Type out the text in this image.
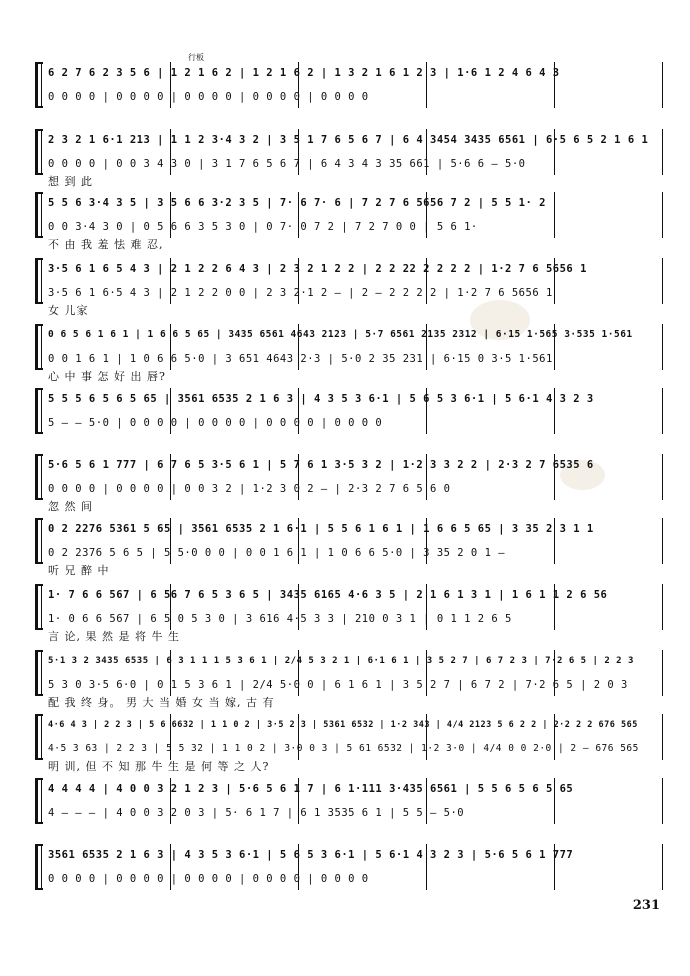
行板
6 2 7 6 2 3 5 6 | 1 2 1 6 2 | 1 2 1 6 2 | 1 3 2 1 6 1 2 3 | 1·6 1 2 4 6 4 3
0 0 0 0 | 0 0 0 0 | 0 0 0 0 | 0 0 0 0 | 0 0 0 0
2 3 2 1 6·1 213 | 1 1 2 3·4 3 2 | 3 5 1 7 6 5 6 7 | 6 4 3454 3435 6561 | 6·5 6 5 2 1 6 1
0 0 0 0 | 0 0 3 4 3 0 | 3 1 7 6 5 6 7 | 6 4 3 4 3 35 661 | 5·6 6 — 5·0
想 到 此
5 5 6 3·4 3 5 | 3 5 6 6 3·2 3 5 | 7· 6 7· 6 | 7 2 7 6 5656 7 2 | 5 5 1· 2
0 0 3·4 3 0 | 0 5 6 6 3 5 3 0 | 0 7· 0 7 2 | 7 2 7 0 0 | 5 6 1·
不 由 我 羞 怯 难 忍,
3·5 6 1 6 5 4 3 | 2 1 2 2 6 4 3 | 2 3 2 1 2 2 | 2 2 22 2 2 2 2 | 1·2 7 6 5656 1
3·5 6 1 6·5 4 3 | 2 1 2 2 0 0 | 2 3 2·1 2 — | 2 — 2 2 2 2 | 1·2 7 6 5656 1
女 儿家
0 6 5 6 1 6 1 | 1 6 6 5 65 | 3435 6561 4643 2123 | 5·7 6561 2135 2312 | 6·15 1·565 3·535 1·561
0 0 1 6 1 | 1 0 6 6 5·0 | 3 651 4643 2·3 | 5·0 2 35 231 | 6·15 0 3·5 1·561
心 中 事 怎 好 出 唇?
5 5 5 6 5 6 5 65 | 3561 6535 2 1 6 3 | 4 3 5 3 6·1 | 5 6 5 3 6·1 | 5 6·1 4 3 2 3
5 — — 5·0 | 0 0 0 0 | 0 0 0 0 | 0 0 0 0 | 0 0 0 0
5·6 5 6 1 777 | 6 7 6 5 3·5 6 1 | 5 7 6 1 3·5 3 2 | 1·2 3 3 2 2 | 2·3 2 7 6535 6
0 0 0 0 | 0 0 0 0 | 0 0 3 2 | 1·2 3 0 2 — | 2·3 2 7 6 5 6 0
忽 然 间
0 2 2276 5361 5 65 | 3561 6535 2 1 6·1 | 5 5 6 1 6 1 | 1 6 6 5 65 | 3 35 2 3 1 1
0 2 2376 5 6 5 | 5 5·0 0 0 | 0 0 1 6 1 | 1 0 6 6 5·0 | 3 35 2 0 1 —
听 兄 醉 中
1· 7 6 6 567 | 6 56 7 6 5 3 6 5 | 3435 6165 4·6 3 5 | 2 1 6 1 3 1 | 1 6 1 1 2 6 56
1· 0 6 6 567 | 6 5 0 5 3 0 | 3 616 4·5 3 3 | 210 0 3 1 | 0 1 1 2 6 5
言 论, 果 然 是 将 牛 生
5·1 3 2 3435 6535 | 6 3 1 1 1 5 3 6 1 | 2/4 5 3 2 1 | 6·1 6 1 | 3 5 2 7 | 6 7 2 3 | 7·2 6 5 | 2 2 3
5 3 0 3·5 6·0 | 0 1 5 3 6 1 | 2/4 5·0 0 | 6 1 6 1 | 3 5 2 7 | 6 7 2 | 7·2 6 5 | 2 0 3
配 我 终 身。 男 大 当 婚 女 当 嫁, 古 有
4·6 4 3 | 2 2 3 | 5 6 6632 | 1 1 0 2 | 3·5 2 3 | 5361 6532 | 1·2 343 | 4/4 2123 5 6 2 2 | 2·2 2 2 676 565
4·5 3 63 | 2 2 3 | 5 5 32 | 1 1 0 2 | 3·0 0 3 | 5 61 6532 | 1·2 3·0 | 4/4 0 0 2·0 | 2 — 676 565
明 训, 但 不 知 那 牛 生 是 何 等 之 人?
4 4 4 4 | 4 0 0 3 2 1 2 3 | 5·6 5 6 1 7 | 6 1·111 3·435 6561 | 5 5 6 5 6 5 65
4 — — — | 4 0 0 3 2 0 3 | 5· 6 1 7 | 6 1 3535 6 1 | 5 5 — 5·0
3561 6535 2 1 6 3 | 4 3 5 3 6·1 | 5 6 5 3 6·1 | 5 6·1 4 3 2 3 | 5·6 5 6 1 777
0 0 0 0 | 0 0 0 0 | 0 0 0 0 | 0 0 0 0 | 0 0 0 0
231
